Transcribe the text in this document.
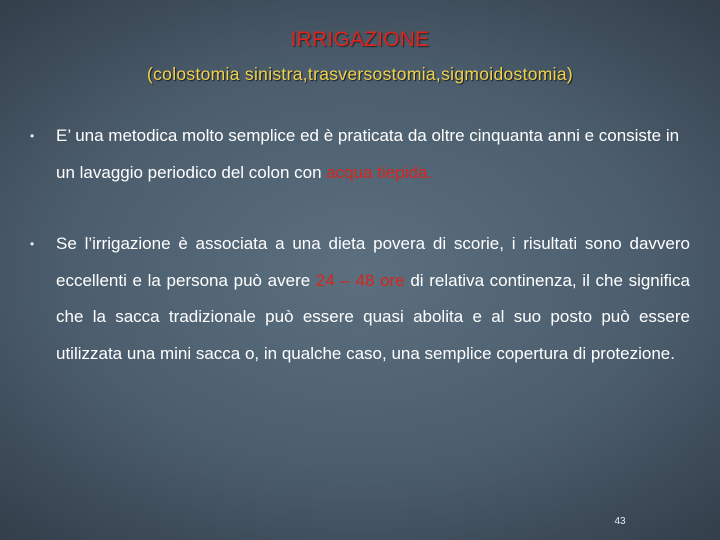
IRRIGAZIONE
(colostomia sinistra,trasversostomia,sigmoidostomia)
• E’ una metodica molto semplice ed è praticata da oltre cinquanta anni e consiste in un lavaggio periodico del colon con acqua tiepida.
• Se l’irrigazione è associata a una dieta povera di scorie, i risultati sono davvero eccellenti e la persona può avere 24 – 48 ore di relativa continenza, il che significa che la sacca tradizionale può essere quasi abolita e al suo posto può essere utilizzata una mini sacca o, in qualche caso, una semplice copertura di protezione.
43
